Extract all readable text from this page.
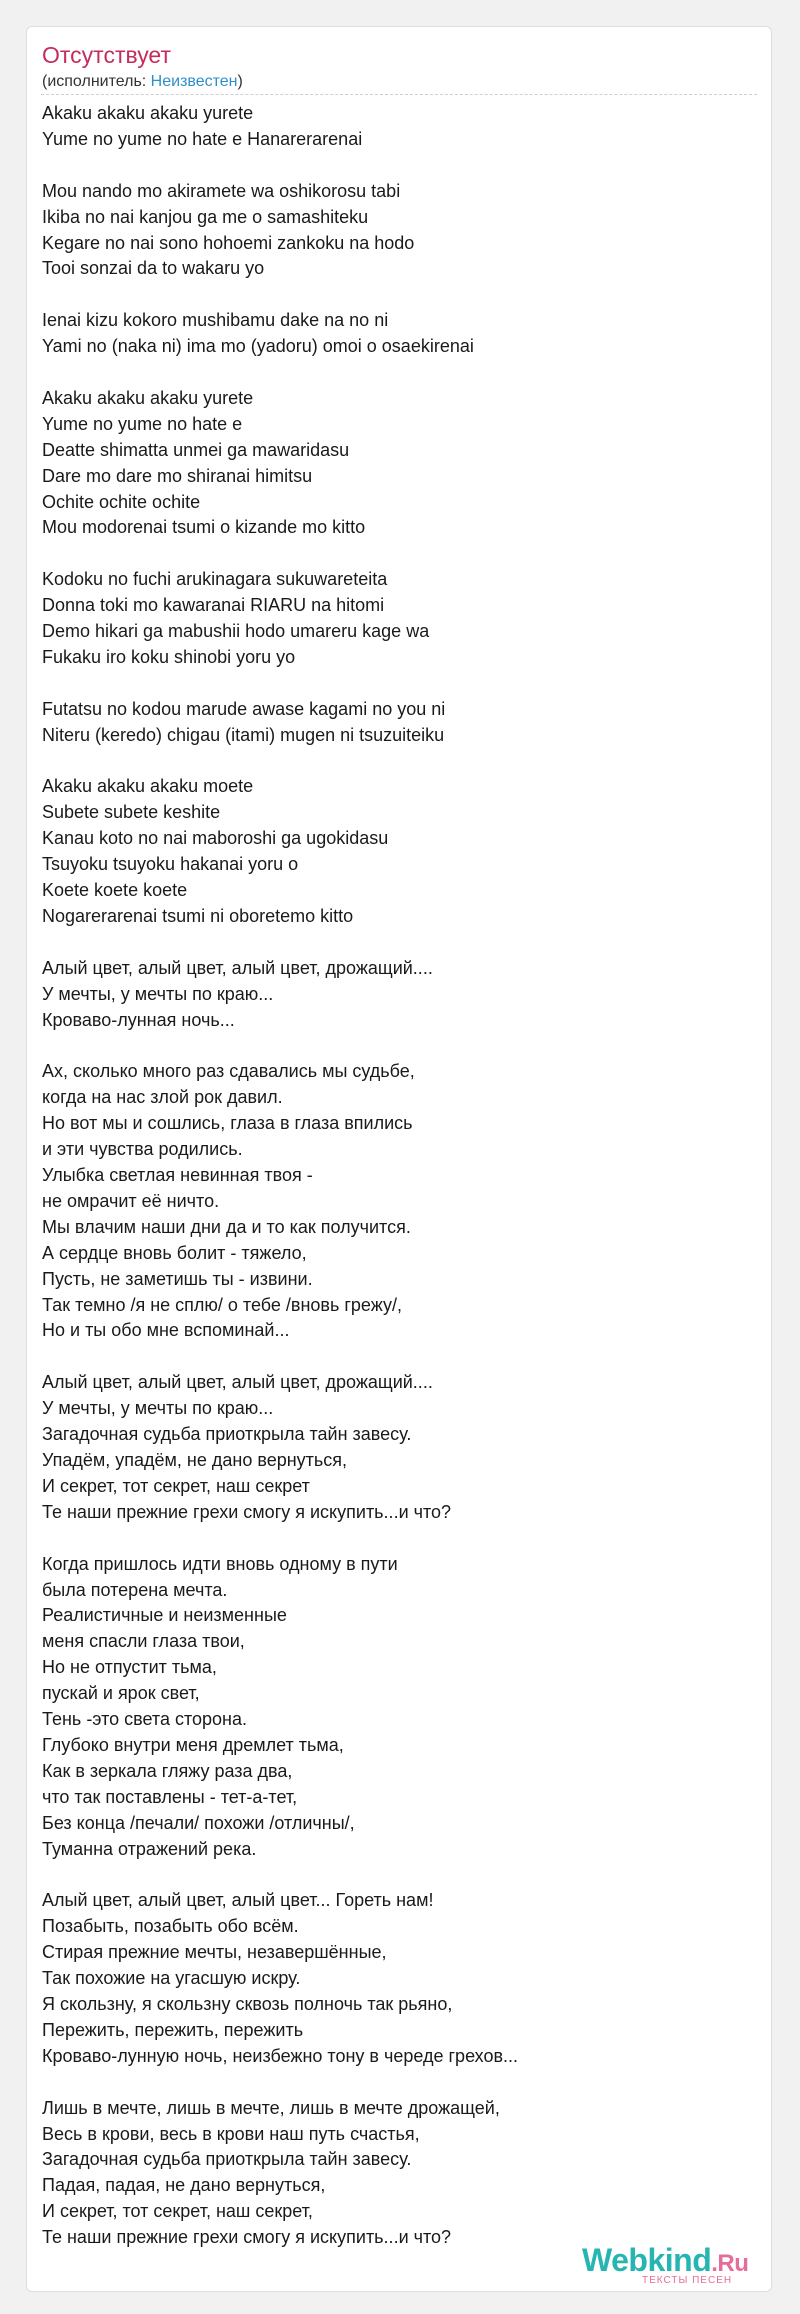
Отсутствует
(исполнитель: Неизвестен)
Akaku akaku akaku yurete
Yume no yume no hate e Hanarerarenai
Mou nando mo akiramete wa oshikorosu tabi
Ikiba no nai kanjou ga me o samashiteku
Kegare no nai sono hohoemi zankoku na hodo
Tooi sonzai da to wakaru yo
Ienai kizu kokoro mushibamu dake na no ni
Yami no (naka ni) ima mo (yadoru) omoi o osaekirenai
Akaku akaku akaku yurete
Yume no yume no hate e
Deatte shimatta unmei ga mawaridasu
Dare mo dare mo shiranai himitsu
Ochite ochite ochite
Mou modorenai tsumi o kizande mo kitto
Kodoku no fuchi arukinagara sukuwareteita
Donna toki mo kawaranai RIARU na hitomi
Demo hikari ga mabushii hodo umareru kage wa
Fukaku iro koku shinobi yoru yo
Futatsu no kodou marude awase kagami no you ni
Niteru (keredo) chigau (itami) mugen ni tsuzuiteiku
Akaku akaku akaku moete
Subete subete keshite
Kanau koto no nai maboroshi ga ugokidasu
Tsuyoku tsuyoku hakanai yoru o
Koete koete koete
Nogarerarenai tsumi ni oboretemo kitto
Алый цвет, алый цвет, алый цвет, дрожащий....
У мечты, у мечты по краю...
Кроваво-лунная ночь...
Ах, сколько много раз сдавались мы судьбе,
когда на нас злой рок давил.
Но вот мы и сошлись, глаза в глаза впились
и эти чувства родились.
Улыбка светлая невинная твоя -
не омрачит её ничто.
Мы влачим наши дни да и то как получится.
А сердце вновь болит - тяжело,
Пусть, не заметишь ты - извини.
Так темно /я не сплю/ о тебе /вновь грежу/,
Но и ты обо мне вспоминай...
Алый цвет, алый цвет, алый цвет, дрожащий....
У мечты, у мечты по краю...
Загадочная судьба приоткрыла тайн завесу.
Упадём, упадём, не дано вернуться,
И секрет, тот секрет, наш секрет
Те наши прежние грехи смогу я искупить...и что?
Когда пришлось идти вновь одному в пути
была потерена мечта.
Реалистичные и неизменные
меня спасли глаза твои,
Но не отпустит тьма,
пускай и ярок свет,
Тень -это света сторона.
Глубоко внутри меня дремлет тьма,
Как в зеркала гляжу раза два,
что так поставлены - тет-а-тет,
Без конца /печали/ похожи /отличны/,
Туманна отражений река.
Алый цвет, алый цвет, алый цвет... Гореть нам!
Позабыть, позабыть обо всём.
Стирая прежние мечты, незавершённые,
Так похожие на угасшую искру.
Я скользну, я скользну сквозь полночь так рьяно,
Пережить, пережить, пережить
Кроваво-лунную ночь, неизбежно тону в череде грехов...
Лишь в мечте, лишь в мечте, лишь в мечте дрожащей,
Весь в крови, весь в крови наш путь счастья,
Загадочная судьба приоткрыла тайн завесу.
Падая, падая, не дано вернуться,
И секрет, тот секрет, наш секрет,
Те наши прежние грехи смогу я искупить...и что?
Webkind.Ru
ТЕКСТЫ ПЕСЕН
